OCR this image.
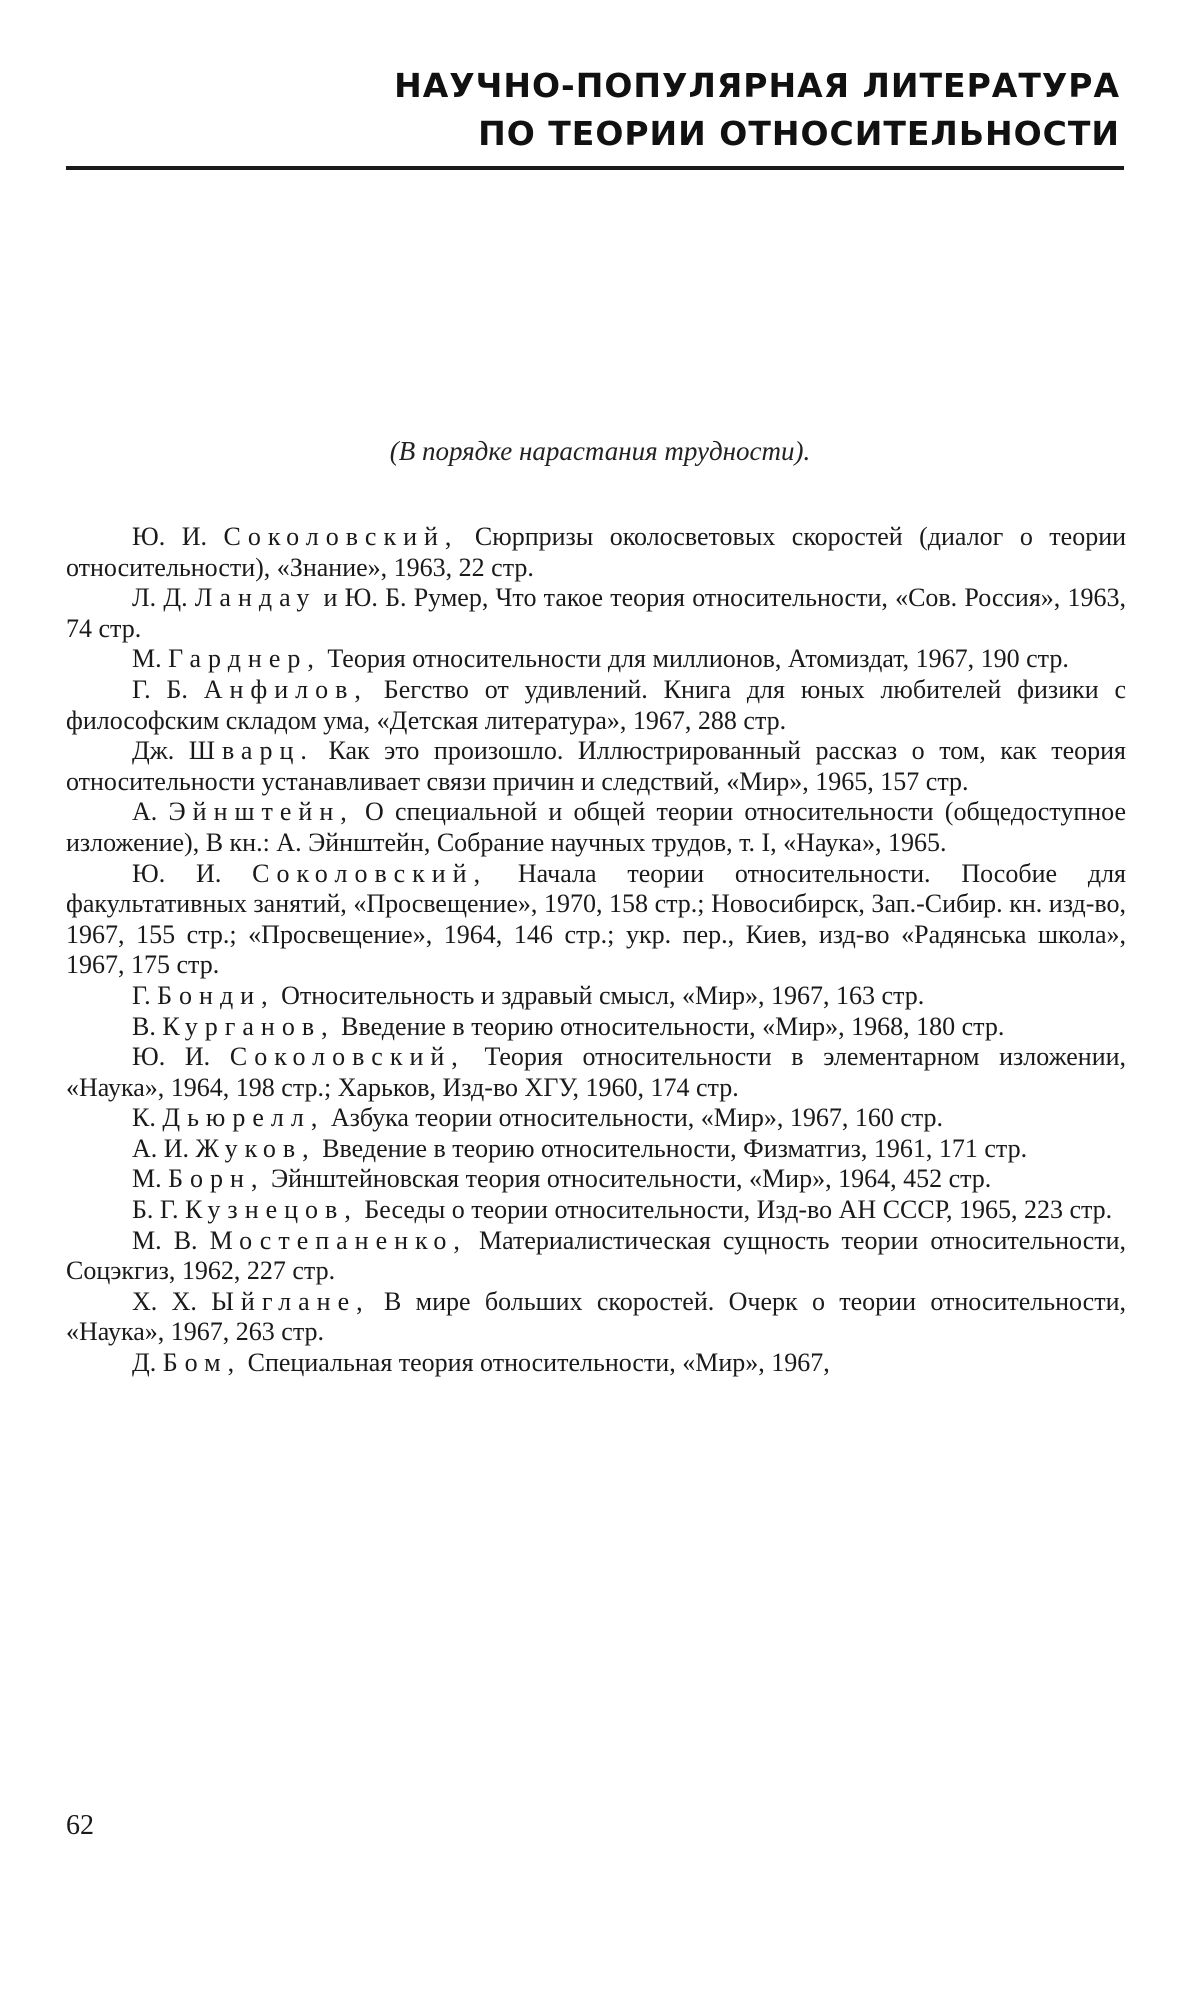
НАУЧНО-ПОПУЛЯРНАЯ ЛИТЕРАТУРА
ПО ТЕОРИИ ОТНОСИТЕЛЬНОСТИ
(В порядке нарастания трудности).

Ю. И. Соколовский, Сюрпризы околосветовых скоростей (диалог о теории относительности), «Знание», 1963, 22 стр.

Л. Д. Ландау и Ю. Б. Румер, Что такое теория относительности, «Сов. Россия», 1963, 74 стр.

М. Гарднер, Теория относительности для миллионов, Атомиздат, 1967, 190 стр.

Г. Б. Анфилов, Бегство от удивлений. Книга для юных любителей физики с философским складом ума, «Детская литература», 1967, 288 стр.

Дж. Шварц. Как это произошло. Иллюстрированный рассказ о том, как теория относительности устанавливает связи причин и следствий, «Мир», 1965, 157 стр.

А. Эйнштейн, О специальной и общей теории относительности (общедоступное изложение), В кн.: А. Эйнштейн, Собрание научных трудов, т. I, «Наука», 1965.

Ю. И. Соколовский, Начала теории относительности. Пособие для факультативных занятий, «Просвещение», 1970, 158 стр.; Новосибирск, Зап.-Сибир. кн. изд-во, 1967, 155 стр.; «Просвещение», 1964, 146 стр.; укр. пер., Киев, изд-во «Радянська школа», 1967, 175 стр.

Г. Бонди, Относительность и здравый смысл, «Мир», 1967, 163 стр.

В. Курганов, Введение в теорию относительности, «Мир», 1968, 180 стр.

Ю. И. Соколовский, Теория относительности в элементарном изложении, «Наука», 1964, 198 стр.; Харьков, Изд-во ХГУ, 1960, 174 стр.

К. Дьюрелл, Азбука теории относительности, «Мир», 1967, 160 стр.

А. И. Жуков, Введение в теорию относительности, Физматгиз, 1961, 171 стр.

М. Борн, Эйнштейновская теория относительности, «Мир», 1964, 452 стр.

Б. Г. Кузнецов, Беседы о теории относительности, Изд-во АН СССР, 1965, 223 стр.

М. В. Мостепаненко, Материалистическая сущность теории относительности, Соцэкгиз, 1962, 227 стр.

Х. Х. Ыйглане, В мире больших скоростей. Очерк о теории относительности, «Наука», 1967, 263 стр.

Д. Бом, Специальная теория относительности, «Мир», 1967,

62
